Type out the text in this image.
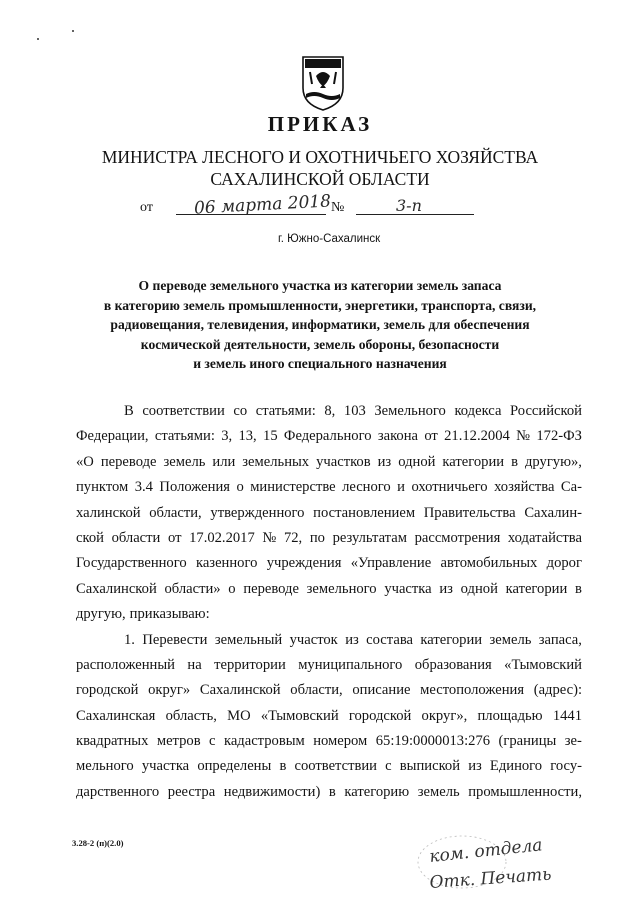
ПРИКАЗ
МИНИСТРА ЛЕСНОГО И ОХОТНИЧЬЕГО ХОЗЯЙСТВА
САХАЛИНСКОЙ ОБЛАСТИ
от 06 марта 2018 №	3-п
г. Южно-Сахалинск
О переводе земельного участка из категории земель запаса
в категорию земель промышленности, энергетики, транспорта, связи,
радиовещания, телевидения, информатики, земель для обеспечения
космической деятельности, земель обороны, безопасности
и земель иного специального назначения
В соответствии со статьями: 8, 103 Земельного кодекса Российской
Федерации, статьями: 3, 13, 15 Федерального закона от 21.12.2004 № 172-ФЗ
«О переводе земель или земельных участков из одной категории в другую»,
пунктом 3.4 Положения о министерстве лесного и охотничьего хозяйства Са-
халинской области, утвержденного постановлением Правительства Сахалин-
ской области от 17.02.2017 № 72, по результатам рассмотрения ходатайства
Государственного казенного учреждения «Управление автомобильных дорог
Сахалинской области» о переводе земельного участка из одной категории в
другую, приказываю:
1. Перевести земельный участок из состава категории земель запаса,
расположенный на территории муниципального образования «Тымовский
городской округ» Сахалинской области, описание местоположения (адрес):
Сахалинская область, МО «Тымовский городской округ», площадью 1441
квадратных метров с кадастровым номером 65:19:0000013:276 (границы зе-
мельного участка определены в соответствии с выпиской из Единого госу-
дарственного реестра недвижимости) в категорию земель промышленности,
3.28-2 (п)(2.0)	ком. отдела
Отк. Печать
